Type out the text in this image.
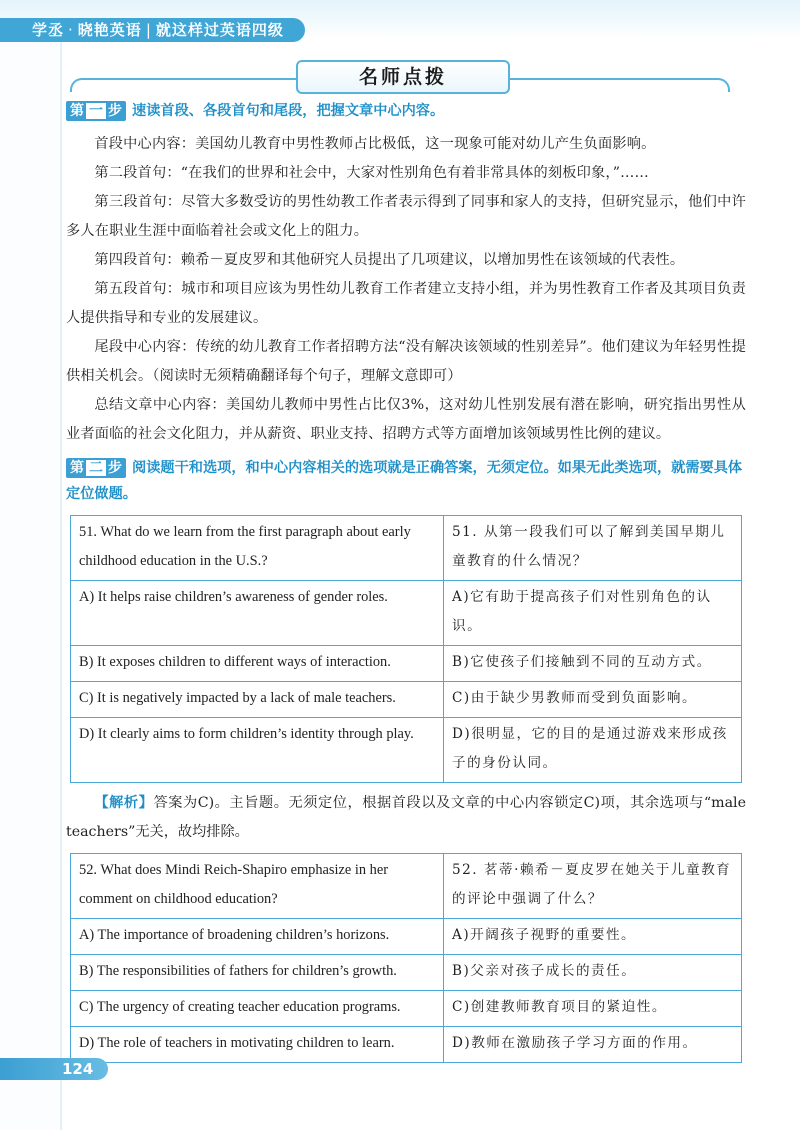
学丞 · 晓艳英语 | 就这样过英语四级
名师点拨

第 一 步 速读首段、各段首句和尾段，把握文章中心内容。

首段中心内容：美国幼儿教育中男性教师占比极低，这一现象可能对幼儿产生负面影响。

第二段首句：“在我们的世界和社会中，大家对性别角色有着非常具体的刻板印象，”……

第三段首句：尽管大多数受访的男性幼教工作者表示得到了同事和家人的支持，但研究显示，他们中许多人在职业生涯中面临着社会或文化上的阻力。

第四段首句：赖希－夏皮罗和其他研究人员提出了几项建议，以增加男性在该领域的代表性。

第五段首句：城市和项目应该为男性幼儿教育工作者建立支持小组，并为男性教育工作者及其项目负责人提供指导和专业的发展建议。

尾段中心内容：传统的幼儿教育工作者招聘方法“没有解决该领域的性别差异”。他们建议为年轻男性提供相关机会。（阅读时无须精确翻译每个句子，理解文意即可）

总结文章中心内容：美国幼儿教师中男性占比仅3%，这对幼儿性别发展有潜在影响，研究指出男性从业者面临的社会文化阻力，并从薪资、职业支持、招聘方式等方面增加该领域男性比例的建议。

第 二 步 阅读题干和选项，和中心内容相关的选项就是正确答案，无须定位。如果无此类选项，就需要具体定位做题。

51. What do we learn from the first paragraph about early childhood education in the U.S.?	51. 从第一段我们可以了解到美国早期儿童教育的什么情况？
A) It helps raise children’s awareness of gender roles.	A)它有助于提高孩子们对性别角色的认识。
B) It exposes children to different ways of interaction.	B)它使孩子们接触到不同的互动方式。
C) It is negatively impacted by a lack of male teachers.	C)由于缺少男教师而受到负面影响。
D) It clearly aims to form children’s identity through play.	D)很明显，它的目的是通过游戏来形成孩子的身份认同。

【解析】答案为C)。主旨题。无须定位，根据首段以及文章的中心内容锁定C)项，其余选项与“male teachers”无关，故均排除。

52. What does Mindi Reich-Shapiro emphasize in her comment on childhood education?	52. 茗蒂·赖希－夏皮罗在她关于儿童教育的评论中强调了什么？
A) The importance of broadening children’s horizons.	A)开阔孩子视野的重要性。
B) The responsibilities of fathers for children’s growth.	B)父亲对孩子成长的责任。
C) The urgency of creating teacher education programs.	C)创建教师教育项目的紧迫性。
D) The role of teachers in motivating children to learn.	D)教师在激励孩子学习方面的作用。
124
